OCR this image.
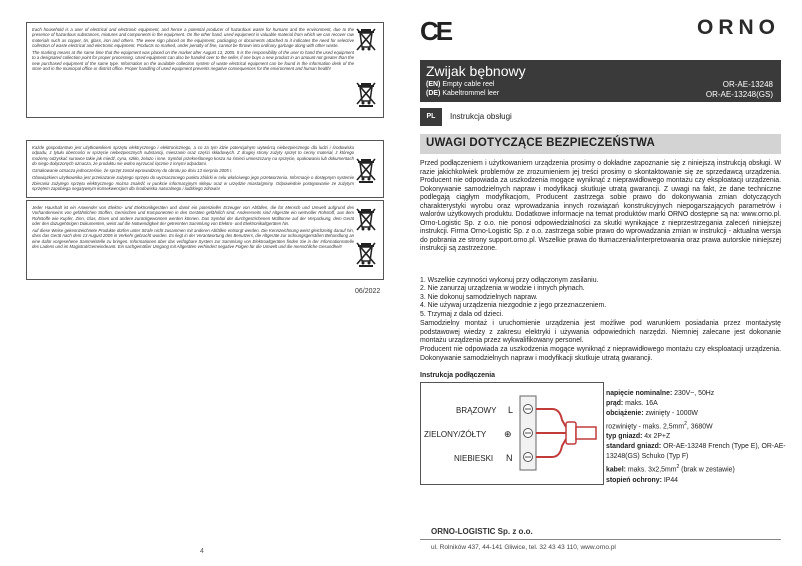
Each household is a user of electrical and electronic equipment, and hence a potential producer of hazardous waste for humans and the environment, due to the presence of hazardous substances, mixtures and components in the equipment. On the other hand, used equipment is valuable material from which we can recover raw materials such as copper, tin, glass, iron and others. The weee sign placed on the equipment, packaging or documents attached to it indicates the need for selective collection of waste electrical and electronic equipment. Products so marked, under penalty of fine, cannot be thrown into ordinary garbage along with other waste.

The marking means at the same time that the equipment was placed on the market after August 13, 2005. It is the responsibility of the user to hand the used equipment to a designated collection point for proper processing. Used equipment can also be handed over to the seller, if one buys a new product in an amount not greater than the new purchased equipment of the same type. Information on the available collection system of waste electrical equipment can be found in the information desk of the store and in the municipal office or district office. Proper handling of used equipment prevents negative consequences for the environment and human health!

Każde gospodarstwo jest użytkownikiem sprzętu elektrycznego i elektronicznego, a co za tym idzie potencjalnym wytwórcą niebezpiecznego dla ludzi i środowiska odpadu, z tytułu obecności w sprzęcie niebezpiecznych substancji, mieszanin oraz części składowych. Z drugiej strony zużyty sprzęt to cenny materiał, z którego możemy odzyskać surowce takie jak miedź, cyna, szkło, żelazo i inne. Symbol przekreślonego kosza na śmieci umieszczany na sprzęcie, opakowaniu lub dokumentach do niego dołączonych oznacza, że produktu nie wolno wyrzucać łącznie z innymi odpadami.

Oznakowanie oznacza jednocześnie, że sprzęt został wprowadzony do obrotu po dniu 13 sierpnia 2005 r.

Obowiązkiem użytkownika jest przekazanie zużytego sprzętu do wyznaczonego punktu zbiórki w celu właściwego jego przetworzenia. Informacje o dostępnym systemie zbierania zużytego sprzętu elektrycznego można znaleźć w punkcie informacyjnym sklepu oraz w urzędzie miasta/gminy. Odpowiednie postępowanie ze zużytym sprzętem zapobiega negatywnym konsekwencjom dla środowiska naturalnego i ludzkiego zdrowia!

Jeder Haushalt ist ein Anwender von Elektro- und Elektronikgeräten und damit ein potenzieller Erzeuger von Abfällen, die für Mensch und Umwelt aufgrund des Vorhandenseins von gefährlichen Stoffen, Gemischen und Komponenten in den Geräten gefährlich sind. Andererseits sind Altgeräte ein wertvoller Rohstoff, aus dem Rohstoffe wie Kupfer, Zinn, Glas, Eisen und andere zurückgewonnen werden können. Das Symbol der durchgestrichenen Mülltonne auf der Verpackung, dem Gerät oder den dazugehörigen Dokumenten, weist auf die Notwendigkeit der getrennten Sammlung von Elektro- und Elektronikaltgeräten hin.

Auf diese Weise gekennzeichnete Produkte dürfen unter Strafe nicht zusammen mit anderen Abfällen entsorgt werden. Die Kennzeichnung weist gleichzeitig darauf hin, dass das Gerät nach dem 13 August 2005 in Verkehr gebracht wurden. Es liegt in der Verantwortung des Benutzers, die Altgeräte zur ordnungsgemäßen Behandlung an eine dafür vorgesehene Sammelstelle zu bringen. Informationen über das verfügbare System zur Sammlung von Elektroaltgeräten finden Sie in der Informationsstelle des Ladens und im Magistrat/Gemeindeamt. Ein sachgemäßer Umgang mit Altgeräten verhindert negative Folgen für die Umwelt und die menschliche Gesundheit!

06/2022
4
CE	ORNO
Zwijak bębnowy
(EN) Empty cable reel
(DE) Kabeltrommel leer
OR-AE-13248
OR-AE-13248(GS)
PL	Instrukcja obsługi
UWAGI DOTYCZĄCE BEZPIECZEŃSTWA
Przed podłączeniem i użytkowaniem urządzenia prosimy o dokładne zapoznanie się z niniejszą instrukcją obsługi. W razie jakichkolwiek problemów ze zrozumieniem jej treści prosimy o skontaktowanie się ze sprzedawcą urządzenia. Producent nie odpowiada za uszkodzenia mogące wyniknąć z nieprawidłowego montażu czy eksploatacji urządzenia. Dokonywanie samodzielnych napraw i modyfikacji skutkuje utratą gwarancji. Z uwagi na fakt, że dane techniczne podlegają ciągłym modyfikacjom, Producent zastrzega sobie prawo do dokonywania zmian dotyczących charakterystyki wyrobu oraz wprowadzania innych rozwiązań konstrukcyjnych niepogarszających parametrów i walorów użytkowych produktu. Dodatkowe informacje na temat produktów marki ORNO dostępne są na: www.orno.pl. Orno-Logistic Sp. z o.o. nie ponosi odpowiedzialności za skutki wynikające z nieprzestrzegania zaleceń niniejszej instrukcji. Firma Orno-Logistic Sp. z o.o. zastrzega sobie prawo do wprowadzania zmian w instrukcji - aktualna wersja do pobrania ze strony support.orno.pl. Wszelkie prawa do tłumaczenia/interpretowania oraz prawa autorskie niniejszej instrukcji są zastrzeżone.
1. Wszelkie czynności wykonuj przy odłączonym zasilaniu.
2. Nie zanurzaj urządzenia w wodzie i innych płynach.
3. Nie dokonuj samodzielnych napraw.
4. Nie używaj urządzenia niezgodnie z jego przeznaczeniem.
5. Trzymaj z dala od dzieci.
Samodzielny montaż i uruchomienie urządzenia jest możliwe pod warunkiem posiadania przez montażystę podstawowej wiedzy z zakresu elektryki i używania odpowiednich narzędzi. Niemniej zalecane jest dokonanie montażu urządzenia przez wykwalifikowany personel.
Producent nie odpowiada za uszkodzenia mogące wyniknąć z nieprawidłowego montażu czy eksploatacji urządzenia. Dokonywanie samodzielnych napraw i modyfikacji skutkuje utratą gwarancji.
Instrukcja podłączenia
BRĄZOWY L
ZIELONY/ŻÓŁTY ⊕
NIEBIESKI N
napięcie nominalne: 230V~, 50Hz
prąd: maks. 16A
obciążenie: zwinięty - 1000W
rozwinięty - maks. $2,5mm^2$, 3680W
typ gniazd: 4x 2P+Z
standard gniazd: OR-AE-13248 French (Type E), OR-AE-13248(GS) Schuko (Typ F)
kabel: maks. $3x2,5mm^2$ (brak w zestawie)
stopień ochrony: IP44
ORNO-LOGISTIC Sp. z o.o.
ul. Rolników 437, 44-141 Gliwice, tel. 32 43 43 110, www.orno.pl
